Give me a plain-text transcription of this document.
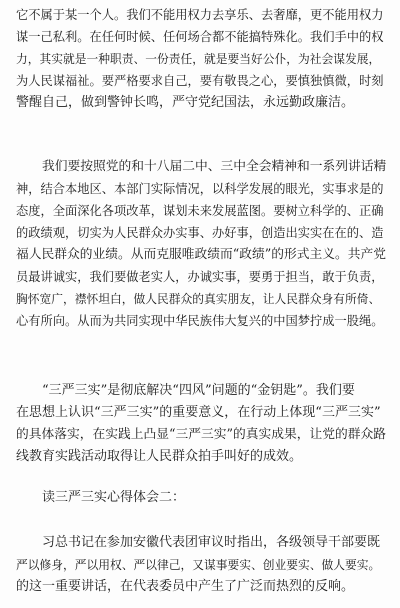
它不属于某一个人。我们不能用权力去享乐、去奢靡，更不能用权力
谋一己私利。在任何时候、任何场合都不能搞特殊化。我们手中的权
力，其实就是一种职责、一份责任，就是要当好公仆，为社会谋发展，
为人民谋福祉。要严格要求自己，要有敬畏之心，要慎独慎微，时刻
警醒自己，做到警钟长鸣，严守党纪国法，永远勤政廉洁。

我们要按照党的和十八届二中、三中全会精神和一系列讲话精
神，结合本地区、本部门实际情况，以科学发展的眼光，实事求是的
态度，全面深化各项改革，谋划未来发展蓝图。要树立科学的、正确
的政绩观，切实为人民群众办实事、办好事，创造出实实在在的、造
福人民群众的业绩。从而克服唯政绩而“政绩”的形式主义。共产党
员最讲诚实，我们要做老实人，办诚实事，要勇于担当，敢于负责，
胸怀宽广，襟怀坦白，做人民群众的真实朋友，让人民群众身有所倚、
心有所向。从而为共同实现中华民族伟大复兴的中国梦拧成一股绳。

“三严三实”是彻底解决“四风”问题的“金钥匙”。我们要
在思想上认识“三严三实”的重要意义，在行动上体现“三严三实”
的具体落实，在实践上凸显“三严三实”的真实成果，让党的群众路
线教育实践活动取得让人民群众拍手叫好的成效。

读三严三实心得体会二：

习总书记在参加安徽代表团审议时指出，各级领导干部要既
严以修身，严以用权、严以律己，又谋事要实、创业要实、做人要实。
的这一重要讲话，在代表委员中产生了广泛而热烈的反响。
